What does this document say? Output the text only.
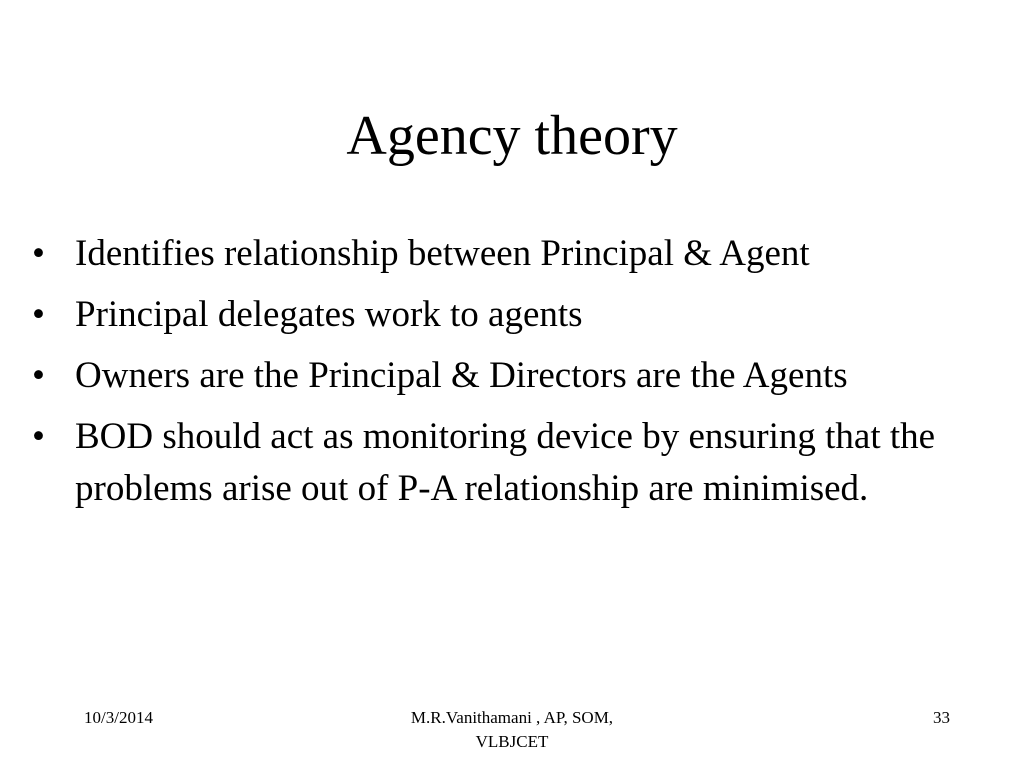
Agency theory
• Identifies relationship between Principal & Agent
• Principal delegates work to agents
• Owners are the Principal & Directors are the Agents
• BOD should act as monitoring device by ensuring that the problems arise out of P-A relationship are minimised.
10/3/2014	M.R.Vanithamani , AP, SOM,
VLBJCET
33
